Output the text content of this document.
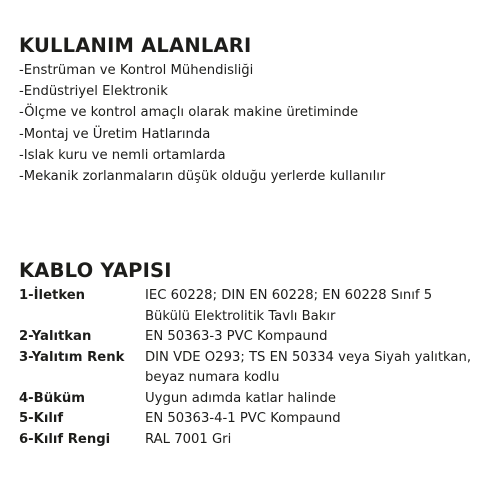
KULLANIM ALANLARI
-Enstrüman ve Kontrol Mühendisliği
-Endüstriyel Elektronik
-Ölçme ve kontrol amaçlı olarak makine üretiminde
-Montaj ve Üretim Hatlarında
-Islak kuru ve nemli ortamlarda
-Mekanik zorlanmaların düşük olduğu yerlerde kullanılır
KABLO YAPISI
1-İletken	IEC 60228; DIN EN 60228; EN 60228 Sınıf 5
Bükülü Elektrolitik Tavlı Bakır

2-Yalıtkan	EN 50363-3 PVC Kompaund

3-Yalıtım Renk	DIN VDE O293; TS EN 50334 veya Siyah yalıtkan,
beyaz numara kodlu

4-Büküm	Uygun adımda katlar halinde

5-Kılıf	EN 50363-4-1 PVC Kompaund

6-Kılıf Rengi	RAL 7001 Gri
